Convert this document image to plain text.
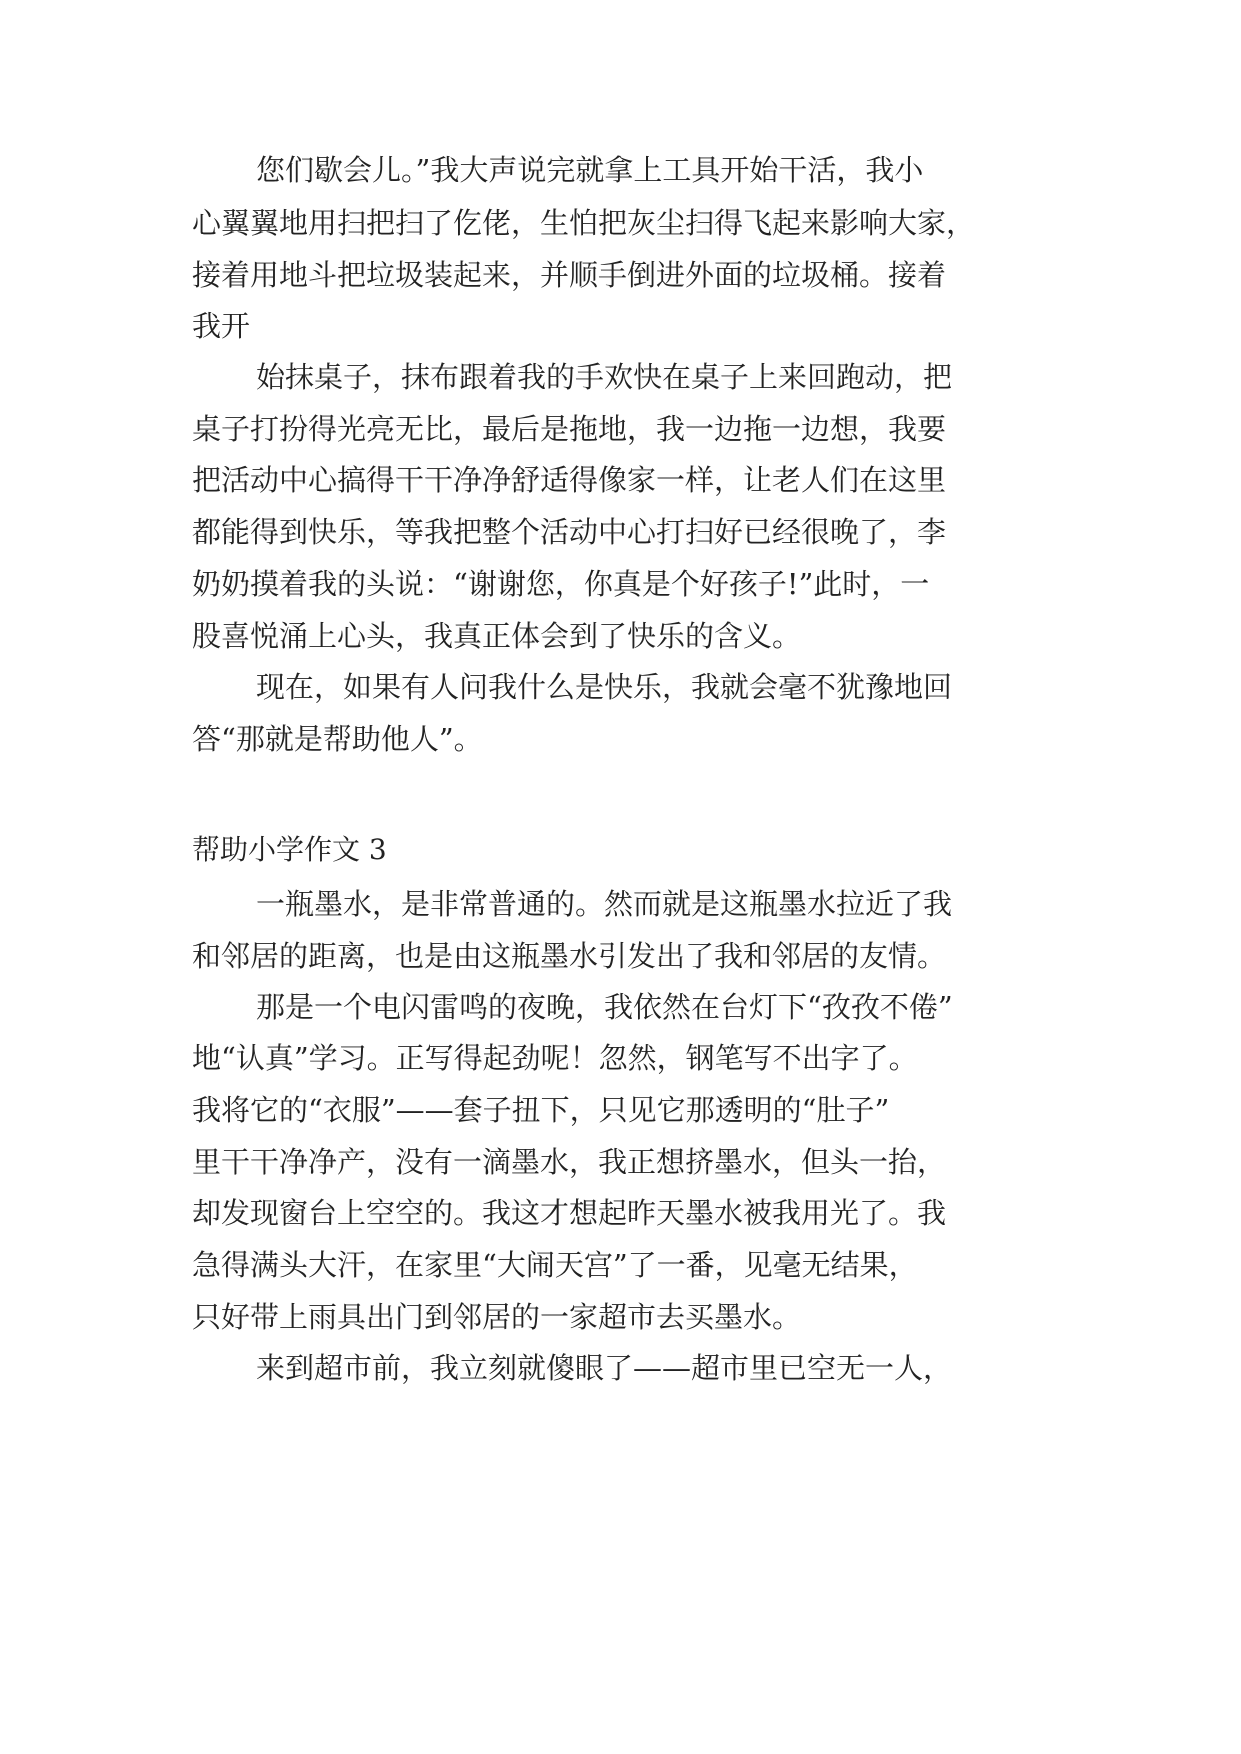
您们歇会儿。”我大声说完就拿上工具开始干活，我小
心翼翼地用扫把扫了仡佬，生怕把灰尘扫得飞起来影响大家，
接着用地斗把垃圾装起来，并顺手倒进外面的垃圾桶。接着
我开
始抹桌子，抹布跟着我的手欢快在桌子上来回跑动，把
桌子打扮得光亮无比，最后是拖地，我一边拖一边想，我要
把活动中心搞得干干净净舒适得像家一样，让老人们在这里
都能得到快乐，等我把整个活动中心打扫好已经很晚了，李
奶奶摸着我的头说：“谢谢您，你真是个好孩子!”此时，一
股喜悦涌上心头，我真正体会到了快乐的含义。
现在，如果有人问我什么是快乐，我就会毫不犹豫地回
答“那就是帮助他人”。
帮助小学作文 3
一瓶墨水，是非常普通的。然而就是这瓶墨水拉近了我
和邻居的距离，也是由这瓶墨水引发出了我和邻居的友情。
那是一个电闪雷鸣的夜晚，我依然在台灯下“孜孜不倦”
地“认真”学习。正写得起劲呢！忽然，钢笔写不出字了。
我将它的“衣服”——套子扭下，只见它那透明的“肚子”
里干干净净产，没有一滴墨水，我正想挤墨水，但头一抬，
却发现窗台上空空的。我这才想起昨天墨水被我用光了。我
急得满头大汗，在家里“大闹天宫”了一番，见毫无结果，
只好带上雨具出门到邻居的一家超市去买墨水。
来到超市前，我立刻就傻眼了——超市里已空无一人，
